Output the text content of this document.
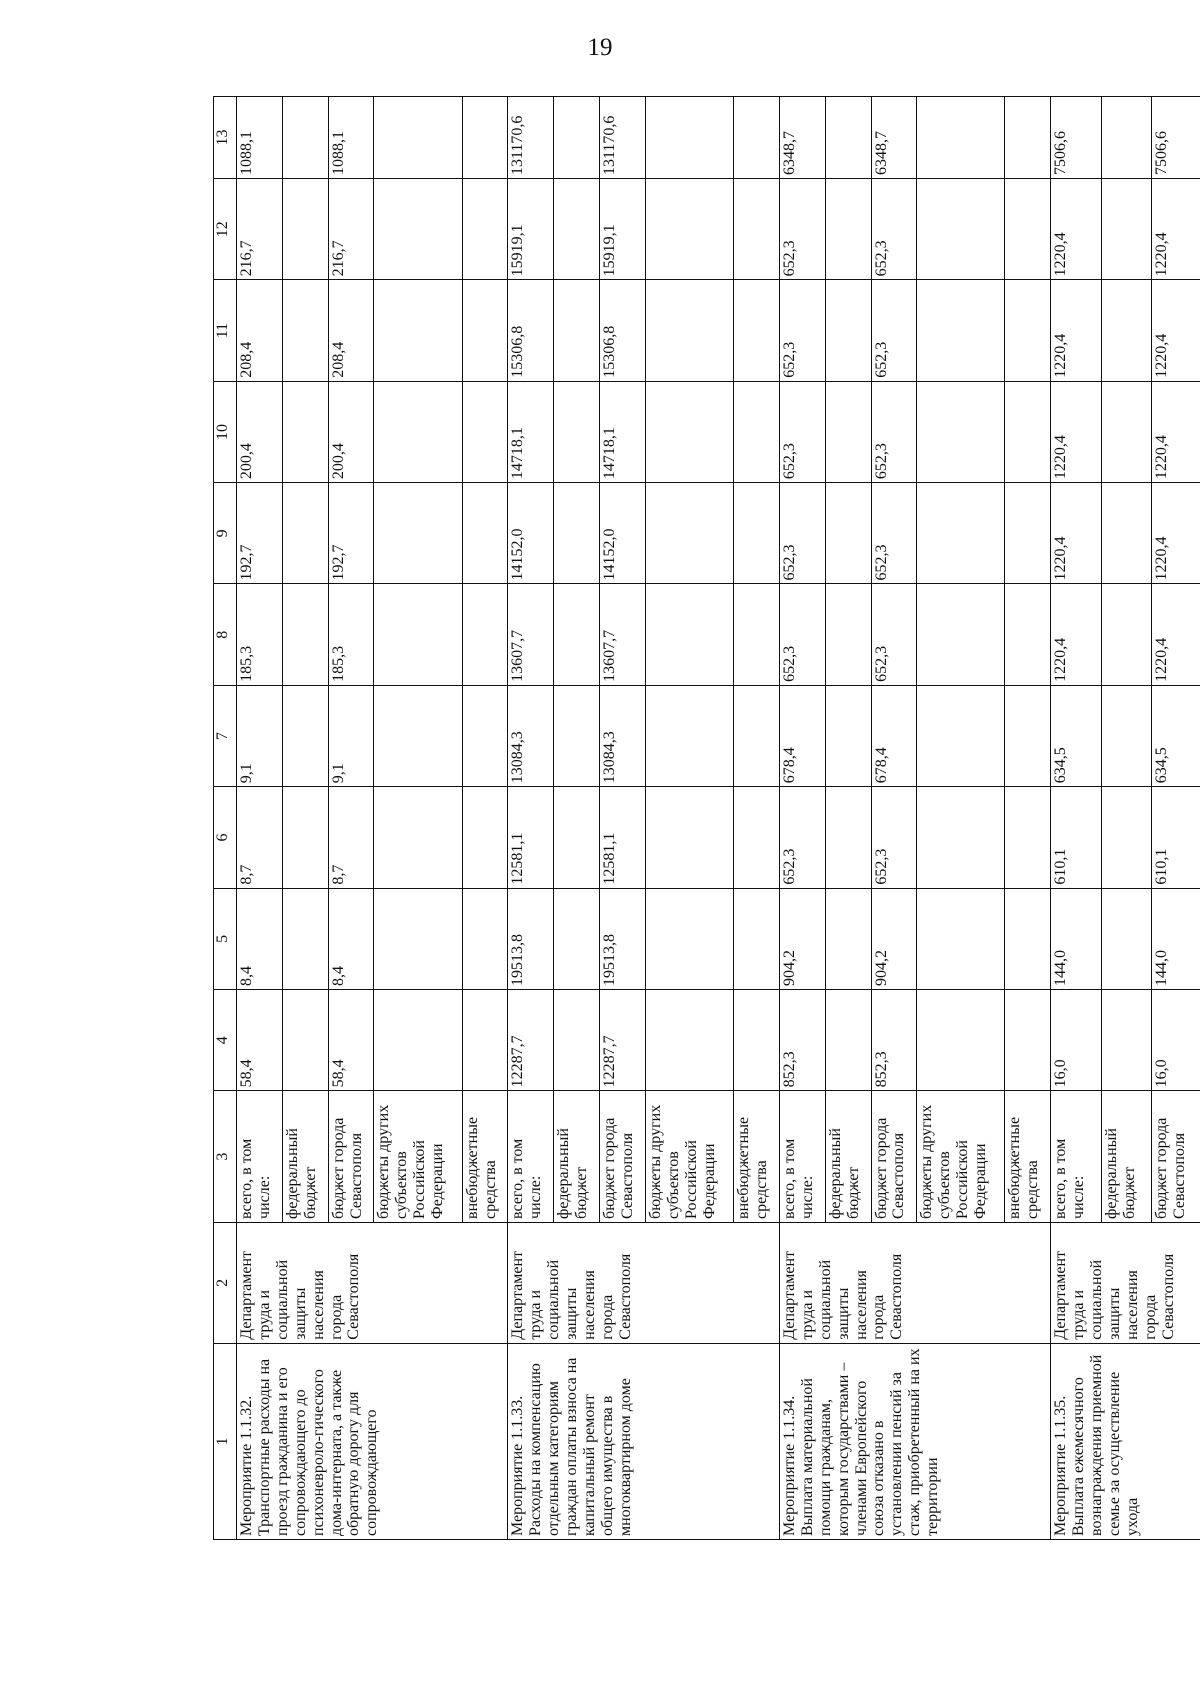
19
1	2	3	4	5	6	7	8	9	10	11	12	13
Мероприятие 1.1.32. Транспортные расходы на проезд гражданина и его сопровождающего до психоневроло-гического дома-интерната, а также обратную дорогу для сопровождающего	Департамент труда и социальной защиты населения города Севастополя	всего, в том числе:	58,4	8,4	8,7	9,1	185,3	192,7	200,4	208,4	216,7	1088,1
		федеральный бюджет										
		бюджет города Севастополя	58,4	8,4	8,7	9,1	185,3	192,7	200,4	208,4	216,7	1088,1
		бюджеты других субъектов Российской Федерации										
		внебюджетные средства										
Мероприятие 1.1.33. Расходы на компенсацию отдельным категориям граждан оплаты взноса на капитальный ремонт общего имущества в многоквартирном доме	Департамент труда и социальной защиты населения города Севастополя	всего, в том числе:	12287,7	19513,8	12581,1	13084,3	13607,7	14152,0	14718,1	15306,8	15919,1	131170,6
		федеральный бюджет										
		бюджет города Севастополя	12287,7	19513,8	12581,1	13084,3	13607,7	14152,0	14718,1	15306,8	15919,1	131170,6
		бюджеты других субъектов Российской Федерации										
		внебюджетные средства										
Мероприятие 1.1.34. Выплата материальной помощи гражданам, которым государствами – членами Европейского союза отказано в установлении пенсий за стаж, приобретенный на их территории	Департамент труда и социальной защиты населения города Севастополя	всего, в том числе:	852,3	904,2	652,3	678,4	652,3	652,3	652,3	652,3	652,3	6348,7
		федеральный бюджет										
		бюджет города Севастополя	852,3	904,2	652,3	678,4	652,3	652,3	652,3	652,3	652,3	6348,7
		бюджеты других субъектов Российской Федерации										
		внебюджетные средства										
Мероприятие 1.1.35. Выплата ежемесячного вознаграждения приемной семье за осуществление ухода	Департамент труда и социальной защиты населения города Севастополя	всего, в том числе:	16,0	144,0	610,1	634,5	1220,4	1220,4	1220,4	1220,4	1220,4	7506,6
		федеральный бюджет										
		бюджет города Севастополя	16,0	144,0	610,1	634,5	1220,4	1220,4	1220,4	1220,4	1220,4	7506,6
